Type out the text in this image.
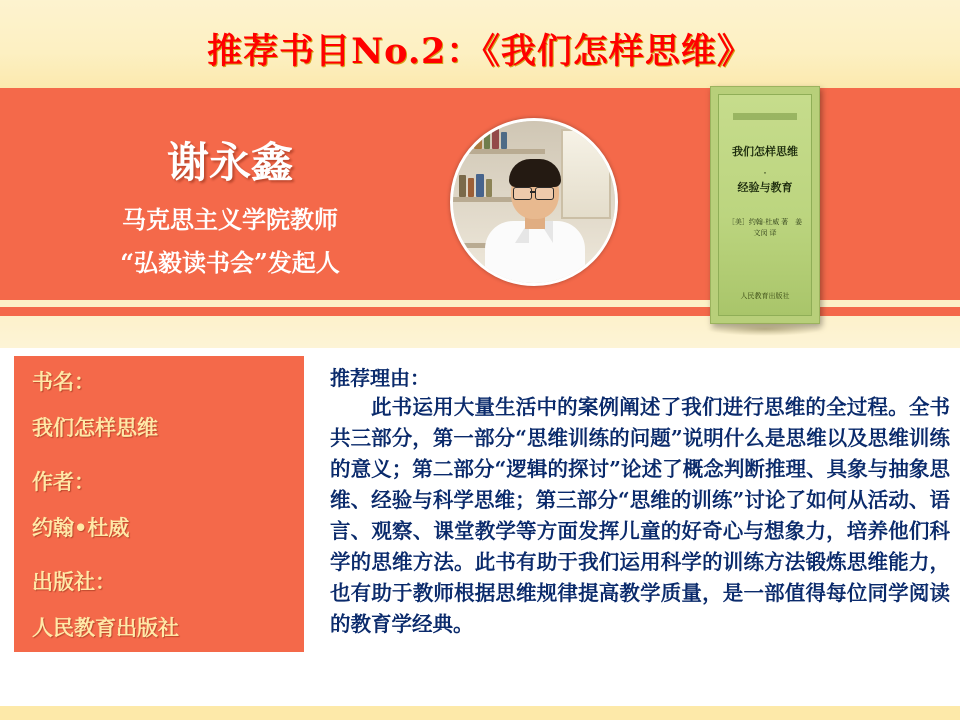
推荐书目No.2：《我们怎样思维》
谢永鑫
马克思主义学院教师
“弘毅读书会”发起人
我们怎样思维
·
经验与教育
［美］约翰·杜威 著　姜文闵 译
人民教育出版社
书名：
我们怎样思维
作者：
约翰•杜威
出版社：
人民教育出版社
推荐理由：
此书运用大量生活中的案例阐述了我们进行思维的全过程。全书共三部分，第一部分“思维训练的问题”说明什么是思维以及思维训练的意义；第二部分“逻辑的探讨”论述了概念判断推理、具象与抽象思维、经验与科学思维；第三部分“思维的训练”讨论了如何从活动、语言、观察、课堂教学等方面发挥儿童的好奇心与想象力，培养他们科学的思维方法。此书有助于我们运用科学的训练方法锻炼思维能力，也有助于教师根据思维规律提高教学质量，是一部值得每位同学阅读的教育学经典。
